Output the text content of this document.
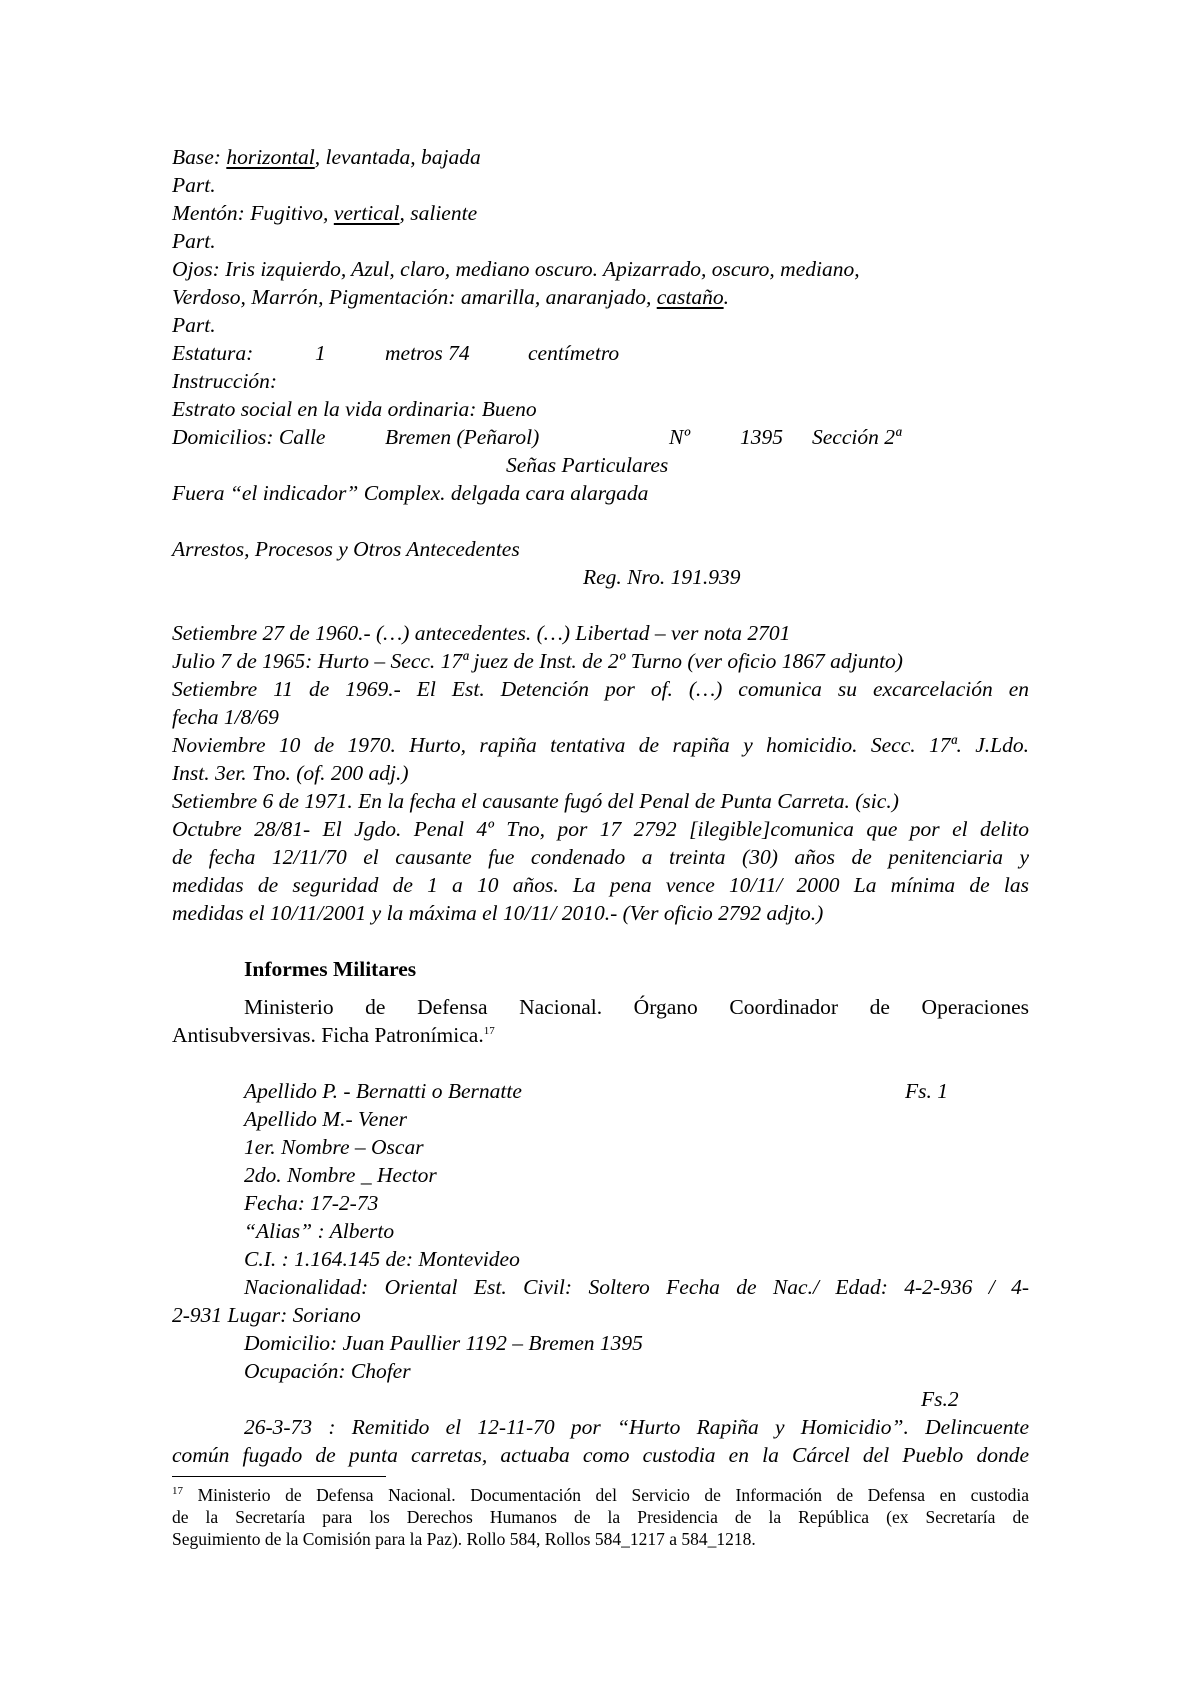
Base: horizontal, levantada, bajada
Part.
Mentón: Fugitivo, vertical, saliente
Part.
Ojos: Iris izquierdo, Azul, claro, mediano oscuro. Apizarrado, oscuro, mediano,
Verdoso, Marrón, Pigmentación: amarilla, anaranjado, castaño.
Part.
Estatura:	1	metros 74	centímetro
Instrucción:
Estrato social en la vida ordinaria: Bueno
Domicilios: Calle	Bremen (Peñarol)	Nº 1395 Sección 2ª
Señas Particulares
Fuera “el indicador” Complex. delgada cara alargada
Arrestos, Procesos y Otros Antecedentes
Reg. Nro. 191.939
Setiembre 27 de 1960.- (…) antecedentes. (…) Libertad – ver nota 2701
Julio 7 de 1965: Hurto – Secc. 17ª juez de Inst. de 2º Turno (ver oficio 1867 adjunto)
Setiembre 11 de 1969.- El Est. Detención por of. (…) comunica su excarcelación en
fecha 1/8/69
Noviembre 10 de 1970. Hurto, rapiña tentativa de rapiña y homicidio. Secc. 17ª. J.Ldo.
Inst. 3er. Tno. (of. 200 adj.)
Setiembre 6 de 1971. En la fecha el causante fugó del Penal de Punta Carreta. (sic.)
Octubre 28/81- El Jgdo. Penal 4º Tno, por 17 2792 [ilegible]comunica que por el delito
de fecha 12/11/70 el causante fue condenado a treinta (30) años de penitenciaria y
medidas de seguridad de 1 a 10 años. La pena vence 10/11/ 2000 La mínima de las
medidas el 10/11/2001 y la máxima el 10/11/ 2010.- (Ver oficio 2792 adjto.)
Informes Militares
Ministerio de Defensa Nacional. Órgano Coordinador de Operaciones
Antisubversivas. Ficha Patronímica.$^{17}$
Apellido P. - Bernatti o Bernatte	Fs. 1
Apellido M.- Vener
1er. Nombre – Oscar
2do. Nombre _ Hector
Fecha: 17-2-73
“Alias” : Alberto
C.I. : 1.164.145 de: Montevideo
Nacionalidad: Oriental Est. Civil: Soltero Fecha de Nac./ Edad: 4-2-936 / 4-
2-931 Lugar: Soriano
Domicilio: Juan Paullier 1192 – Bremen 1395
Ocupación: Chofer
Fs.2
26-3-73 : Remitido el 12-11-70 por “Hurto Rapiña y Homicidio”. Delincuente
común fugado de punta carretas, actuaba como custodia en la Cárcel del Pueblo donde
$^{17}$ Ministerio de Defensa Nacional. Documentación del Servicio de Información de Defensa en custodia
de la Secretaría para los Derechos Humanos de la Presidencia de la República (ex Secretaría de
Seguimiento de la Comisión para la Paz). Rollo 584, Rollos 584_1217 a 584_1218.
